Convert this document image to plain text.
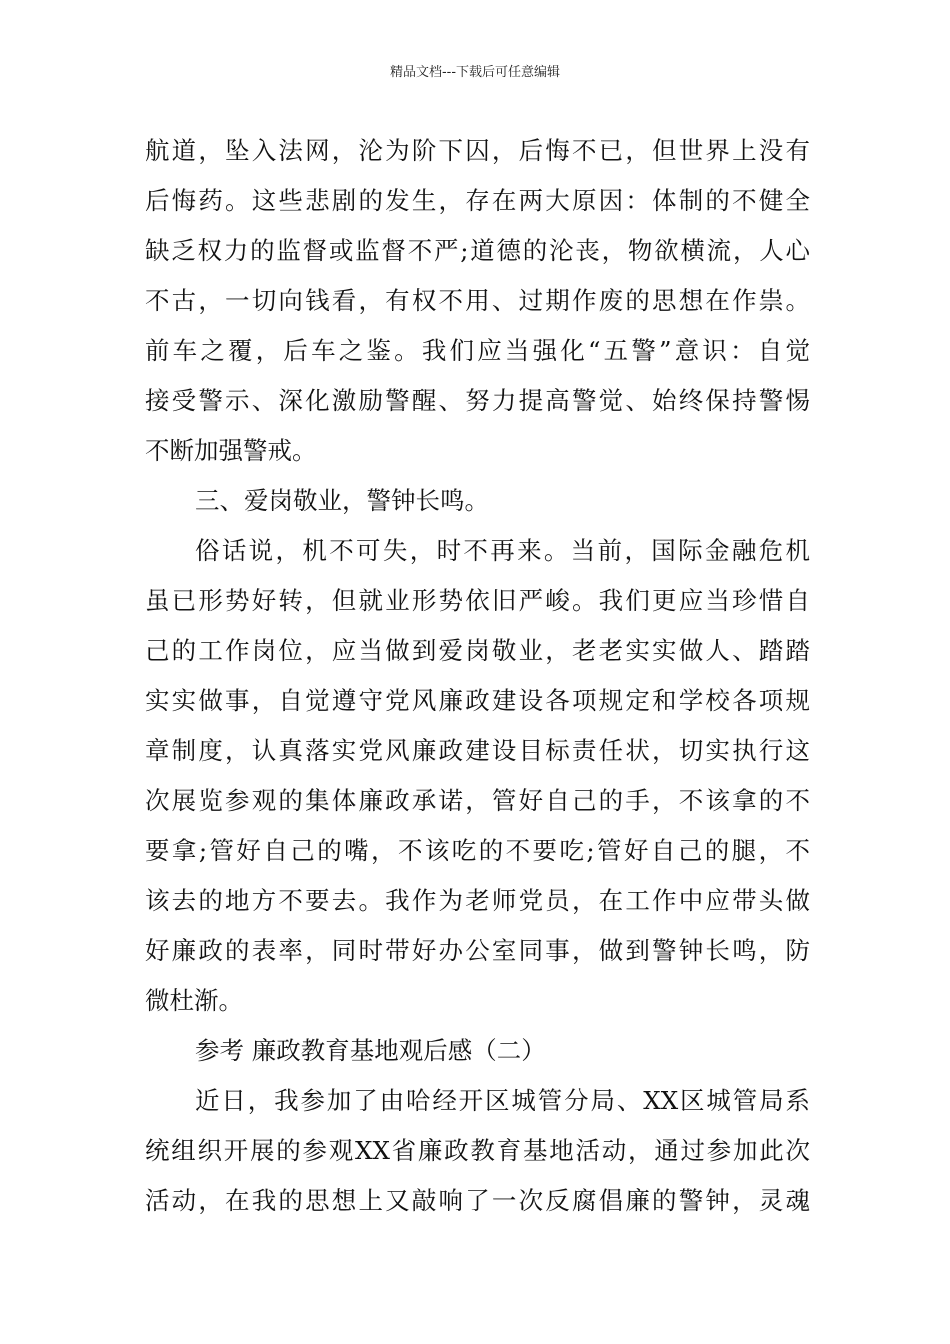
精品文档---下载后可任意编辑
航道，坠入法网，沦为阶下囚，后悔不已，但世界上没有
后悔药。这些悲剧的发生，存在两大原因：体制的不健全
缺乏权力的监督或监督不严;道德的沦丧，物欲横流，人心
不古，一切向钱看，有权不用、过期作废的思想在作祟。
前车之覆，后车之鉴。我们应当强化“五警”意识：自觉
接受警示、深化激励警醒、努力提高警觉、始终保持警惕
不断加强警戒。
三、爱岗敬业，警钟长鸣。
俗话说，机不可失，时不再来。当前，国际金融危机
虽已形势好转，但就业形势依旧严峻。我们更应当珍惜自
己的工作岗位，应当做到爱岗敬业，老老实实做人、踏踏
实实做事，自觉遵守党风廉政建设各项规定和学校各项规
章制度，认真落实党风廉政建设目标责任状，切实执行这
次展览参观的集体廉政承诺，管好自己的手，不该拿的不
要拿;管好自己的嘴，不该吃的不要吃;管好自己的腿，不
该去的地方不要去。我作为老师党员，在工作中应带头做
好廉政的表率，同时带好办公室同事，做到警钟长鸣，防
微杜渐。
参考 廉政教育基地观后感（二）
近日，我参加了由哈经开区城管分局、XX区城管局系
统组织开展的参观XX省廉政教育基地活动，通过参加此次
活动，在我的思想上又敲响了一次反腐倡廉的警钟，灵魂
